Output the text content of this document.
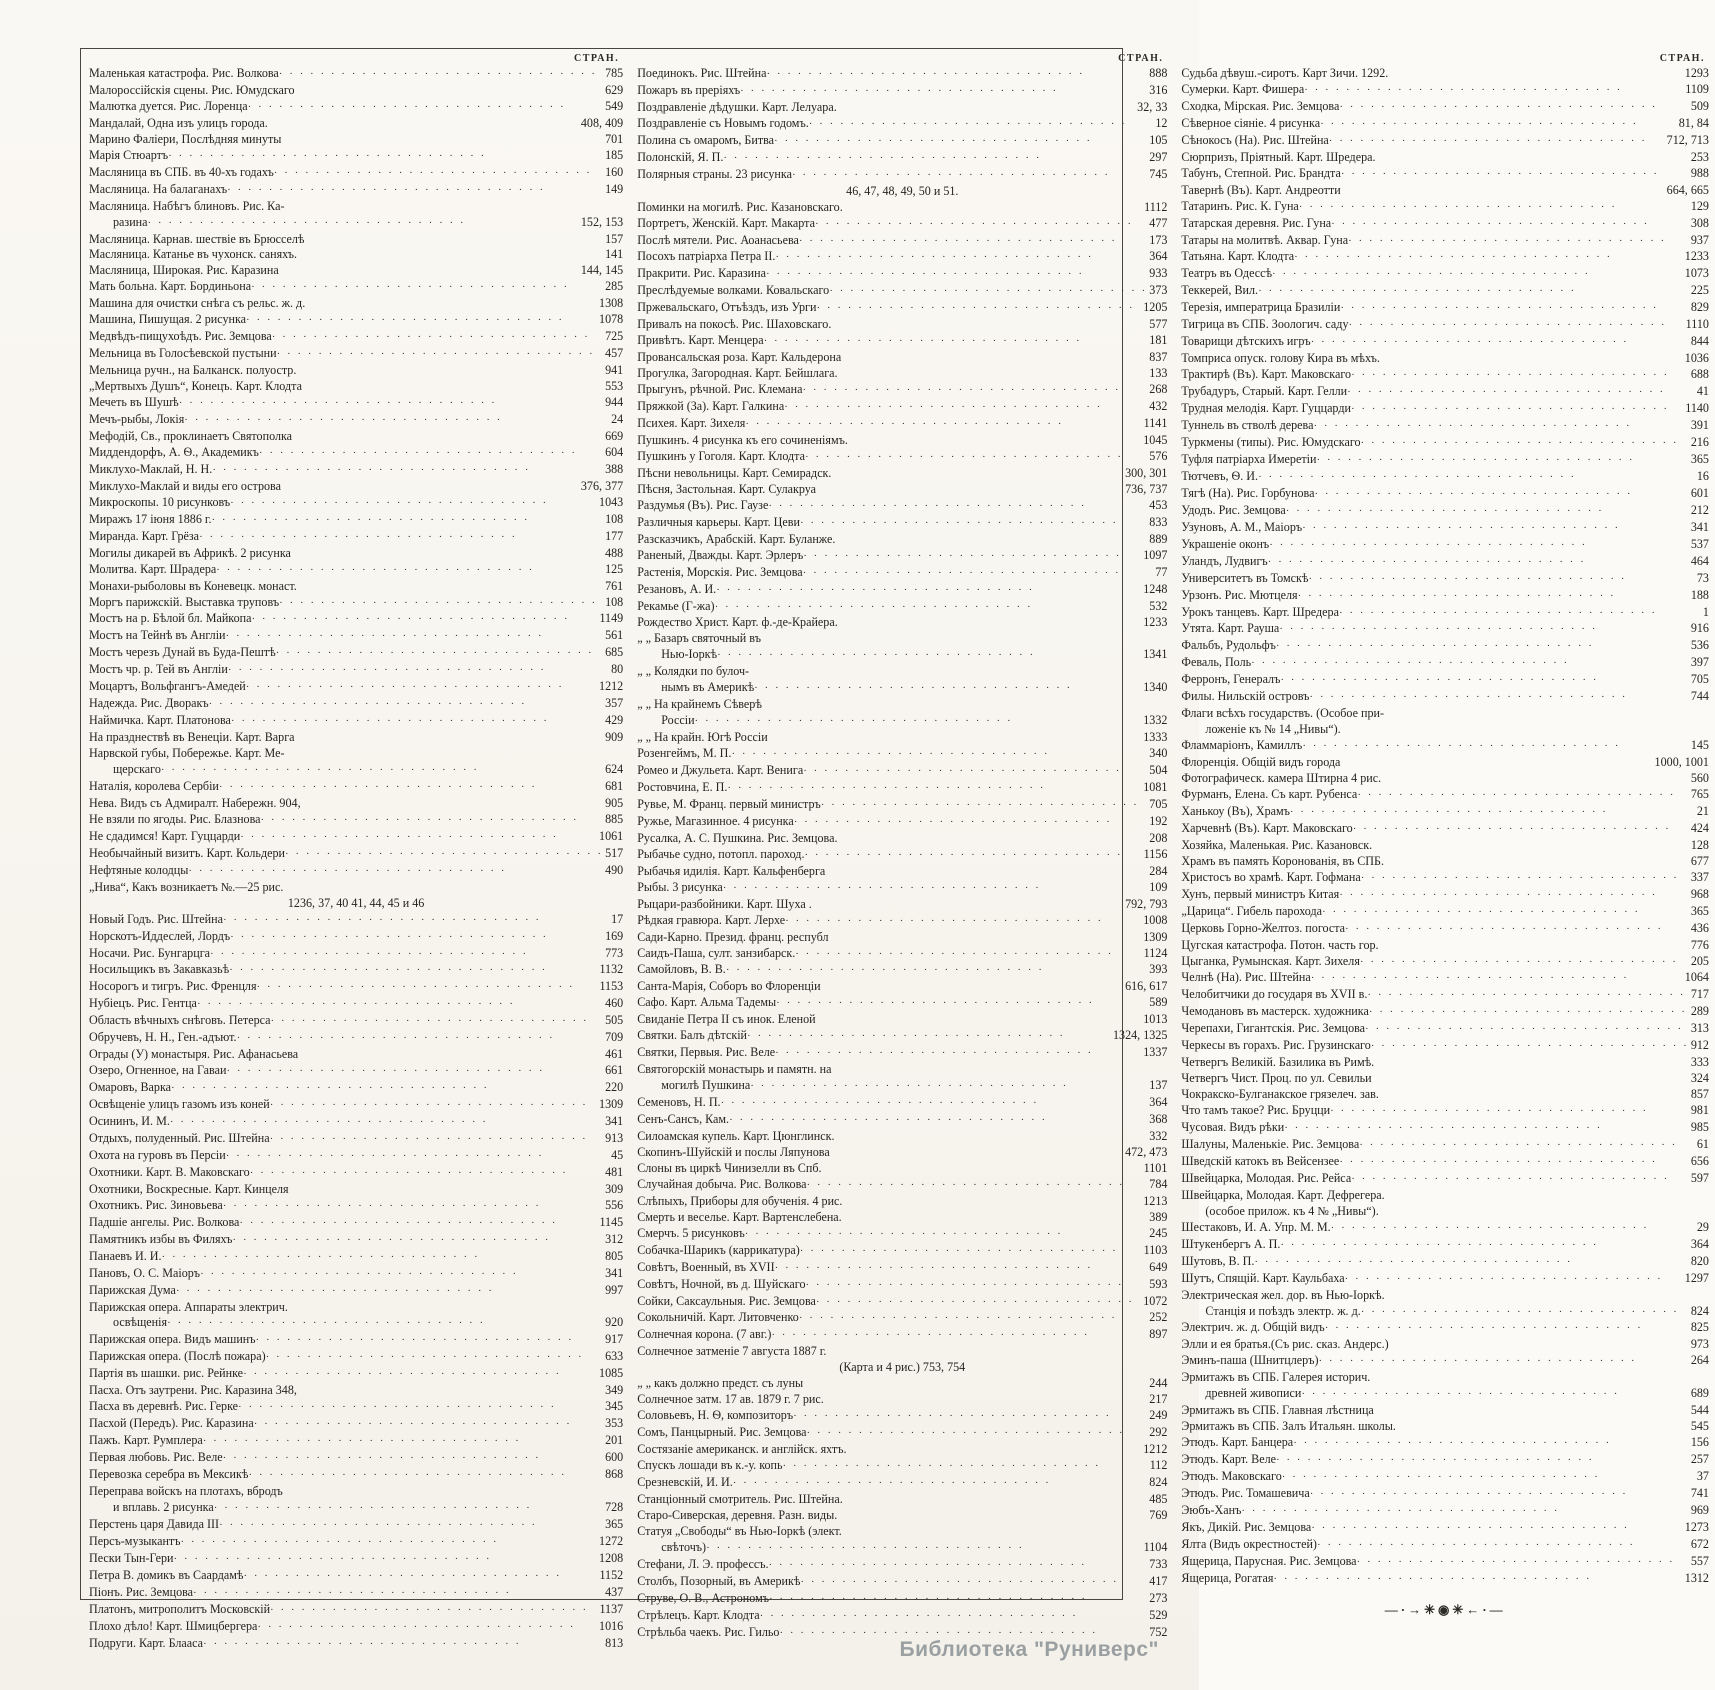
СТРАН.
Маленькая катастрофа. Рис. Волкова · · ·	785
Малороссійскія сцены. Рис. Юмудскаго	629
Малютка дуется. Рис. Лоренца · · ·	549
Мандалай, Одна изъ улицъ города.	408, 409
Марино Фаліери, Послѣдняя минуты	701
Марія Стюартъ · · ·	185
Масляница въ СПБ. въ 40-хъ годахъ · · ·	160
Масляница. На балаганахъ · · ·	149
Масляница. Набѣгъ блиновъ. Рис. Ка-
разина · · ·	152, 153
Масляница. Карнав. шествіе въ Брюсселѣ	157
Масляница. Катанье въ чухонск. саняхъ.	141
Масляница, Широкая. Рис. Каразина	144, 145
Мать больна. Карт. Бординьона · · ·	285
Машина для очистки снѣга съ рельс. ж. д.	1308
Машина, Пишущая. 2 рисунка · · ·	1078
Медвѣдъ-пищухоѣдъ. Рис. Земцова · · ·	725
Мельница въ Голосѣевской пустыни · · ·	457
Мельница ручн., на Балканск. полуостр.	941
„Мертвыхъ Душъ“, Конецъ. Карт. Клодта	553
Мечеть въ Шушѣ · · ·	944
Мечъ-рыбы, Локія · · ·	24
Мефодій, Св., проклинаетъ Святополка	669
Миддендорфъ, А. Ѳ., Академикъ · · ·	604
Миклухо-Маклай, Н. Н. · · ·	388
Миклухо-Маклай и виды его острова	376, 377
Микроскопы. 10 рисунковъ · · ·	1043
Миражъ 17 іюня 1886 г. · · ·	108
Миранда. Карт. Грёза · · ·	177
Могилы дикарей въ Африкѣ. 2 рисунка	488
Молитва. Карт. Шрадера · · ·	125
Монахи-рыболовы въ Коневецк. монаст.	761
Моргъ парижскій. Выставка труповъ · · ·	108
Мостъ на р. Бѣлой бл. Майкопа · · ·	1149
Мостъ на Тейнѣ въ Англіи · · ·	561
Мостъ черезъ Дунай въ Буда-Пештѣ · · ·	685
Мостъ чр. р. Тей въ Англіи · · ·	80
Моцартъ, Вольфгангъ-Амедей · · ·	1212
Надежда. Рис. Дворакъ · · ·	357
Наймичка. Карт. Платонова · · ·	429
На празднествѣ въ Венеціи. Карт. Варга	909
Нарвской губы, Побережье. Карт. Ме-
щерскаго · · ·	624
Наталія, королева Сербіи · · ·	681
Нева. Видъ съ Адмиралт. Набережн. 904,	905
Не взяли по ягоды. Рис. Блазнова · · ·	885
Не сдадимся! Карт. Гуццарди · · ·	1061
Необычайный визитъ. Карт. Кольдери · · ·	517
Нефтяные колодцы · · ·	490
„Нива“, Какъ возникаетъ №.—25 рис.
1236, 37, 40 41, 44, 45 и 46
Новый Годъ. Рис. Штейна · · ·	17
Норскотъ-Иддеслей, Лордъ · · ·	169
Носачи. Рис. Бунгарцга · · ·	773
Носильщикъ въ Закавказьѣ · · ·	1132
Носорогъ и тигръ. Рис. Френцля · · ·	1153
Нубіецъ. Рис. Гентца · · ·	460
Область вѣчныхъ снѣговъ. Петерса · · ·	505
Обручевъ, Н. Н., Ген.-адъют. · · ·	709
Ограды (У) монастыря. Рис. Афанасьева	461
Озеро, Огненное, на Гаваи · · ·	661
Омаровъ, Варка · · ·	220
Освѣщеніе улицъ газомъ изъ коней · · ·	1309
Осининъ, И. М. · · ·	341
Отдыхъ, полуденный. Рис. Штейна · · ·	913
Охота на гуровъ въ Персіи · · ·	45
Охотники. Карт. В. Маковскаго · · ·	481
Охотники, Воскресные. Карт. Кинцеля	309
Охотникъ. Рис. Зиновьева · · ·	556
Падшіе ангелы. Рис. Волкова · · ·	1145
Памятникъ избы въ Филяхъ · · ·	312
Панаевъ И. И. · · ·	805
Пановъ, О. С. Маіоръ · · ·	341
Парижская Дума · · ·	997
Парижская опера. Аппараты электрич.
освѣщенія · · ·	920
Парижская опера. Видъ машинъ · · ·	917
Парижская опера. (Послѣ пожара) · · ·	633
Партія въ шашки. рис. Рейнке · · ·	1085
Пасха. Отъ заутрени. Рис. Каразина 348,	349
Пасха въ деревнѣ. Рис. Герке · · ·	345
Пасхой (Передъ). Рис. Каразина · · ·	353
Пажъ. Карт. Румплера · · ·	201
Первая любовь. Рис. Веле · · ·	600
Перевозка серебра въ Мексикѣ · · ·	868
Переправа войскъ на плотахъ, вбродъ
и вплавь. 2 рисунка · · ·	728
Перстень царя Давида III · · ·	365
Персъ-музыкантъ · · ·	1272
Пески Тын-Гери · · ·	1208
Петра В. домикъ въ Саардамѣ · · ·	1152
Піонъ. Рис. Земцова · · ·	437
Платонъ, митрополитъ Московскій · · ·	1137
Плохо дѣло! Карт. Шмицбергера · · ·	1016
Подруги. Карт. Блааса · · ·	813
СТРАН.
Поединокъ. Рис. Штейна · · ·	888
Пожаръ въ преріяхъ · · ·	316
Поздравленіе дѣдушки. Карт. Лелуара.	32, 33
Поздравленіе съ Новымъ годомъ. · · ·	12
Полина съ омаромъ, Битва · · ·	105
Полонскій, Я. П. · · ·	297
Полярныя страны. 23 рисунка · · ·	745
46, 47, 48, 49, 50 и 51.
Поминки на могилѣ. Рис. Казановскаго.	1112
Портретъ, Женскій. Карт. Макарта · · ·	477
Послѣ мятели. Рис. Аоанасьева · · ·	173
Посохъ патріарха Петра II. · · ·	364
Пракрити. Рис. Каразина · · ·	933
Преслѣдуемые волками. Ковальскаго · · ·	373
Пржевальскаго, Отъѣздъ, изъ Урги · · ·	1205
Привалъ на покосѣ. Рис. Шаховскаго.	577
Привѣтъ. Карт. Менцера · · ·	181
Провансальская роза. Карт. Кальдерона	837
Прогулка, Загородная. Карт. Бейшлага.	133
Прыгунъ, рѣчной. Рис. Клемана · · ·	268
Пряжкой (За). Карт. Галкина · · ·	432
Психея. Карт. Зихеля · · ·	1141
Пушкинъ. 4 рисунка къ его сочиненіямъ.	1045
Пушкинъ у Гоголя. Карт. Клодта · · ·	576
Пѣсни невольницы. Карт. Семирадск.	300, 301
Пѣсня, Застольная. Карт. Сулакруа	736, 737
Раздумья (Въ). Рис. Гаузе · · ·	453
Различныя карьеры. Карт. Цеви · · ·	833
Разсказчикъ, Арабскій. Карт. Буланже.	889
Раненый, Дважды. Карт. Эрлеръ · · ·	1097
Растенія, Морскія. Рис. Земцова · · ·	77
Резановъ, А. И. · · ·	1248
Рекамье (Г-жа) · · ·	532
Рождество Христ. Карт. ф.-де-Крайера.	1233
„ „ Базаръ святочный въ
Нью-Іоркѣ · · ·	1341
„ „ Колядки по булоч-
нымъ въ Америкѣ · · ·	1340
„ „ На крайнемъ Сѣверѣ
Россіи · · ·	1332
„ „ На крайн. Югѣ Россіи	1333
Розенгеймъ, М. П. · · ·	340
Ромео и Джульета. Карт. Венига · · ·	504
Ростовчина, Е. П. · · ·	1081
Рувье, М. Франц. первый министръ · · ·	705
Ружье, Магазинное. 4 рисунка · · ·	192
Русалка, А. С. Пушкина. Рис. Земцова.	208
Рыбачье судно, потопл. пароход. · · ·	1156
Рыбачья идилія. Карт. Кальфенберга	284
Рыбы. 3 рисунка · · ·	109
Рыцари-разбойники. Карт. Шуха .	792, 793
Рѣдкая гравюра. Карт. Лерхе · · ·	1008
Сади-Карно. Презид. франц. республ	1309
Саидъ-Паша, султ. занзибарск. · · ·	1124
Самойловъ, В. В. · · ·	393
Санта-Марія, Соборъ во Флоренціи	616, 617
Сафо. Карт. Альма Тадемы · · ·	589
Свиданіе Петра II съ инок. Еленой	1013
Святки. Балъ дѣтскій · · ·	1324, 1325
Святки, Первыя. Рис. Веле · · ·	1337
Святогорскій монастырь и памятн. на
могилѣ Пушкина · · ·	137
Семеновъ, Н. П. · · ·	364
Сенъ-Сансъ, Кам. · · ·	368
Силоамская купель. Карт. Цюнглинск.	332
Скопинъ-Шуйскій и послы Ляпунова	472, 473
Слоны въ циркѣ Чинизелли въ Спб.	1101
Случайная добыча. Рис. Волкова · · ·	784
Слѣпыхъ, Приборы для обученія. 4 рис.	1213
Смерть и веселье. Карт. Вартенслебена.	389
Смерчъ. 5 рисунковъ · · ·	245
Собачка-Шарикъ (каррикатура) · · ·	1103
Совѣтъ, Военный, въ XVII · · ·	649
Совѣтъ, Ночной, въ д. Шуйскаго · · ·	593
Сойки, Саксаульныя. Рис. Земцова · · ·	1072
Сокольничій. Карт. Литовченко · · ·	252
Солнечная корона. (7 авг.) · · ·	897
Солнечное затменіе 7 августа 1887 г.
(Карта и 4 рис.) 753, 754
„ „ какъ должно предст. съ луны	244
Солнечное затм. 17 ав. 1879 г. 7 рис.	217
Соловьевъ, Н. Ѳ, композиторъ · · ·	249
Сомъ, Панцырный. Рис. Земцова · · ·	292
Состязаніе американск. и англійск. яхтъ.	1212
Спускъ лошади въ к.-у. копь · · ·	112
Срезневскій, И. И. · · ·	824
Станціонный смотритель. Рис. Штейна.	485
Старо-Сиверская, деревня. Разн. виды.	769
Статуя „Свободы“ въ Нью-Іоркѣ (элект.
свѣточъ) · · ·	1104
Стефани, Л. Э. профессъ. · · ·	733
Столбъ, Позорный, въ Америкѣ · · ·	417
Струве, О. В., Астрономъ · · ·	273
Стрѣлецъ. Карт. Клодта · · ·	529
Стрѣльба чаекъ. Рис. Гильо · · ·	752
СТРАН.
Судьба дѣвуш.-сиротъ. Карт Зичи. 1292.	1293
Сумерки. Карт. Фишера · · ·	1109
Сходка, Мірская. Рис. Земцова · · ·	509
Сѣверное сіяніе. 4 рисунка · · ·	81, 84
Сѣнокосъ (На). Рис. Штейна · · ·	712, 713
Сюрпризъ, Пріятный. Карт. Шредера.	253
Табунъ, Степной. Рис. Брандта · · ·	988
Тавернѣ (Въ). Карт. Андреотти	664, 665
Татаринъ. Рис. К. Гуна · · ·	129
Татарская деревня. Рис. Гуна · · ·	308
Татары на молитвѣ. Аквар. Гуна · · ·	937
Татьяна. Карт. Клодта · · ·	1233
Театръ въ Одессѣ · · ·	1073
Теккерей, Вил. · · ·	225
Терезія, императрица Бразиліи · · ·	829
Тигрица въ СПБ. Зоологич. саду · · ·	1110
Товарищи дѣтскихъ игръ · · ·	844
Томприса опуск. голову Кира въ мѣхъ.	1036
Трактирѣ (Въ). Карт. Маковскаго · · ·	688
Трубадуръ, Старый. Карт. Гелли · · ·	41
Трудная мелодія. Карт. Гуццарди · · ·	1140
Туннель въ стволѣ дерева · · ·	391
Туркмены (типы). Рис. Юмудскаго · · ·	216
Туфля патріарха Имеретіи · · ·	365
Тютчевъ, Ѳ. И. · · ·	16
Тягѣ (На). Рис. Горбунова · · ·	601
Удодъ. Рис. Земцова · · ·	212
Узуновъ, А. М., Маіоръ · · ·	341
Украшеніе оконъ · · ·	537
Уландъ, Лудвигъ · · ·	464
Университетъ въ Томскѣ · · ·	73
Урзонъ. Рис. Мютцеля · · ·	188
Урокъ танцевъ. Карт. Шредера · · ·	1
Утята. Карт. Рауша · · ·	916
Фальбъ, Рудольфъ · · ·	536
Феваль, Поль · · ·	397
Ферронъ, Генералъ · · ·	705
Филы. Нильскій островъ · · ·	744
Флаги всѣхъ государствъ. (Особое при-
ложеніе къ № 14 „Нивы“).
Фламмаріонъ, Камиллъ · · ·	145
Флоренція. Общій видъ города	1000, 1001
Фотографическ. камера Штирна 4 рис.	560
Фурманъ, Елена. Съ карт. Рубенса · · ·	765
Ханькоу (Въ), Храмъ · · ·	21
Харчевнѣ (Въ). Карт. Маковскаго · · ·	424
Хозяйка, Маленькая. Рис. Казановск.	128
Храмъ въ память Коронованія, въ СПБ.	677
Христосъ во храмѣ. Карт. Гофмана · · ·	337
Хунъ, первый министръ Китая · · ·	968
„Царица“. Гибель парохода · · ·	365
Церковь Горно-Желтоз. погоста · · ·	436
Цугская катастрофа. Потон. часть гор.	776
Цыганка, Румынская. Карт. Зихеля · · ·	205
Челнѣ (На). Рис. Штейна · · ·	1064
Челобитчики до государя въ XVII в. · · ·	717
Чемодановъ въ мастерск. художника · · ·	289
Черепахи, Гигантскія. Рис. Земцова · · ·	313
Черкесы въ горахъ. Рис. Грузинскаго · · ·	912
Четвергъ Великій. Базилика въ Римѣ.	333
Четвергъ Чист. Проц. по ул. Севильи	324
Чокракско-Булганакское грязелеч. зав.	857
Что тамъ такое? Рис. Бруцци · · ·	981
Чусовая. Видъ рѣки · · ·	985
Шалуны, Маленькіе. Рис. Земцова · · ·	61
Шведскій катокъ въ Вейсензее · · ·	656
Швейцарка, Молодая. Рис. Рейса · · ·	597
Швейцарка, Молодая. Карт. Дефрегера.
(особое прилож. къ 4 № „Нивы“).
Шестаковъ, И. А. Упр. М. М. · · ·	29
Штукенбергъ А. П. · · ·	364
Шутовъ, В. П. · · ·	820
Шутъ, Спящій. Карт. Каульбаха · · ·	1297
Электрическая жел. дор. въ Нью-Іоркѣ.
Станція и поѣздъ электр. ж. д. · · ·	824
Электрич. ж. д. Общій видъ · · ·	825
Элли и ея братья.(Съ рис. сказ. Андерс.)	973
Эминъ-паша (Шнитцлеръ) · · ·	264
Эрмитажъ въ СПБ. Галерея историч.
древней живописи · · ·	689
Эрмитажъ въ СПБ. Главная лѣстница	544
Эрмитажъ въ СПБ. Залъ Итальян. школы.	545
Этюдъ. Карт. Банцера · · ·	156
Этюдъ. Карт. Веле · · ·	257
Этюдъ. Маковскаго · · ·	37
Этюдъ. Рис. Томашевича · · ·	741
Эюбъ-Ханъ · · ·	969
Якъ, Дикій. Рис. Земцова · · ·	1273
Ялта (Видъ окрестностей) · · ·	672
Ящерица, Парусная. Рис. Земцова · · ·	557
Ящерица, Рогатая · · ·	1312
—·→✳◉✳←·—
Библиотека "Руниверс"
